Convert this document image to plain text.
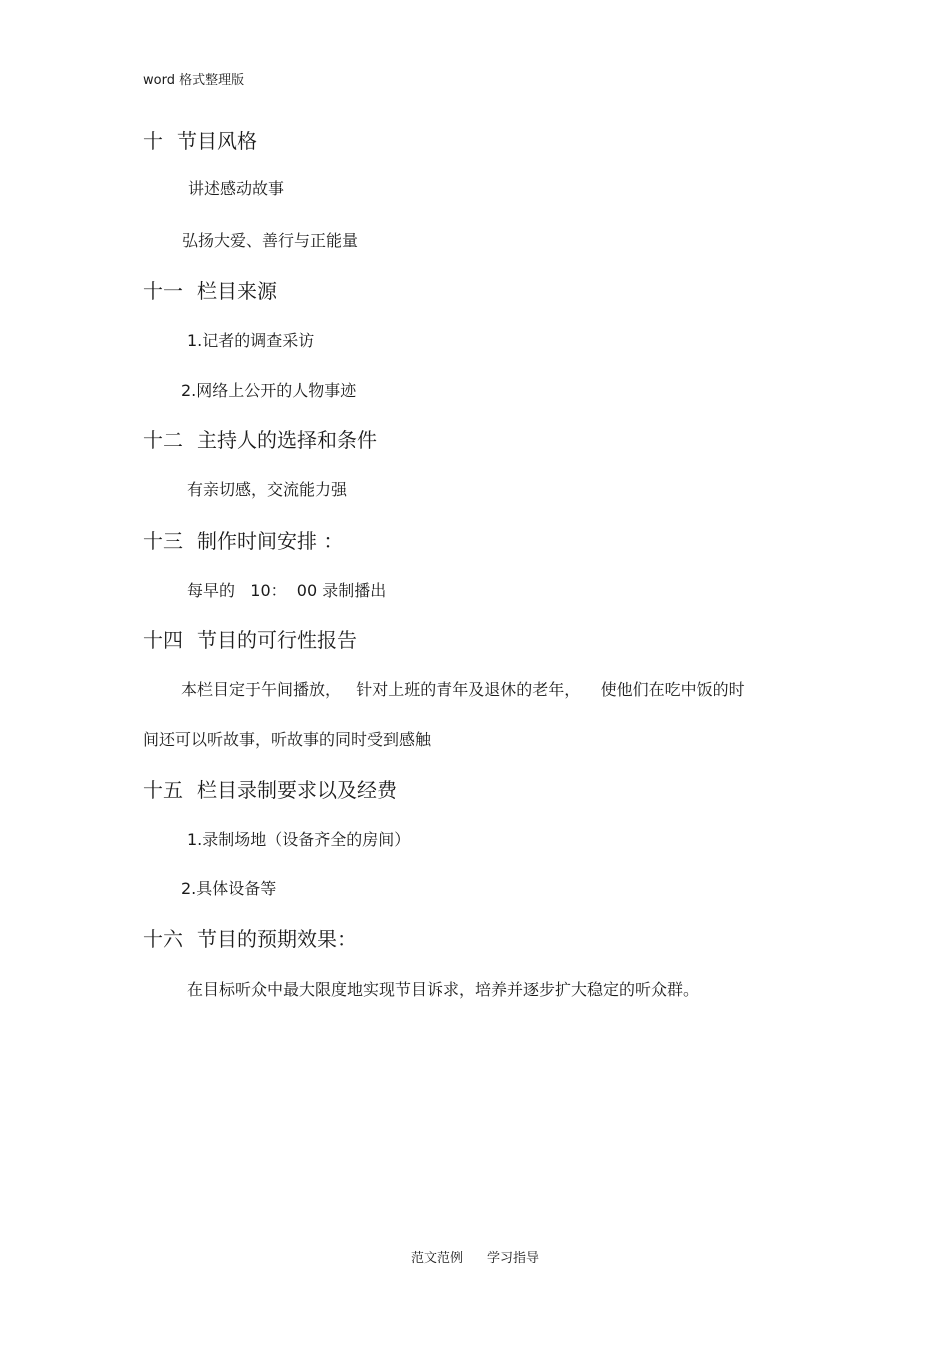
word 格式整理版
十 节目风格
讲述感动故事
弘扬大爱、善行与正能量
十一 栏目来源
1.记者的调查采访
2.网络上公开的人物事迹
十二 主持人的选择和条件
有亲切感，交流能力强
十三 制作时间安排 ：
每早的   10：  00 录制播出
十四 节目的可行性报告
本栏目定于午间播放，   针对上班的青年及退休的老年，    使他们在吃中饭的时
间还可以听故事，听故事的同时受到感触
十五 栏目录制要求以及经费
1.录制场地（设备齐全的房间）
2.具体设备等
十六 节目的预期效果：
在目标听众中最大限度地实现节目诉求，培养并逐步扩大稳定的听众群。
范文范例 学习指导
